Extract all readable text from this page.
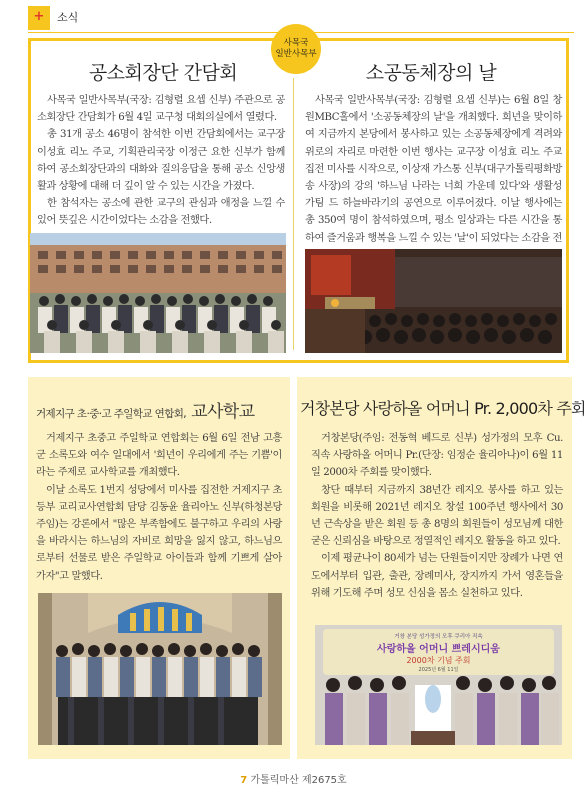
+	소식
사목국
일반사목부
공소회장단 간담회

사목국 일반사목부(국장: 김형렬 요셉 신부) 주관으로 공소회장단 간담회가 6월 4일 교구청 대회의실에서 열렸다.

총 31개 공소 46명이 참석한 이번 간담회에서는 교구장 이성효 리노 주교, 기획관리국장 이정근 요한 신부가 함께하여 공소회장단과의 대화와 질의응답을 통해 공소 신앙생활과 상황에 대해 더 깊이 알 수 있는 시간을 가졌다.

한 참석자는 공소에 관한 교구의 관심과 애정을 느낄 수 있어 뜻깊은 시간이었다는 소감을 전했다.

소공동체장의 날

사목국 일반사목부(국장: 김형렬 요셉 신부)는 6월 8일 창원MBC홀에서 '소공동체장의 날'을 개최했다. 희년을 맞이하여 지금까지 본당에서 봉사하고 있는 소공동체장에게 격려와 위로의 자리로 마련한 이번 행사는 교구장 이성효 리노 주교 집전 미사를 시작으로, 이상재 가스통 신부(대구가톨릭평화방송 사장)의 강의 '하느님 나라는 너희 가운데 있다'와 생활성가팀 드 하늘바라기의 공연으로 이루어졌다. 이날 행사에는 총 350여 명이 참석하였으며, 평소 일상과는 다른 시간을 통하여 즐거움과 행복을 느낄 수 있는 '날'이 되었다는 소감을 전

거제지구 초·중·고 주일학교 연합회, 교사학교

거제지구 초중고 주일학교 연합회는 6월 6일 전남 고흥군 소록도와 여수 일대에서 '희년이 우리에게 주는 기쁨'이라는 주제로 교사학교를 개최했다.

이날 소록도 1번지 성당에서 미사를 집전한 거제지구 초등부 교리교사연합회 담당 김동윤 율리아노 신부(하청본당 주임)는 강론에서 "많은 부족함에도 불구하고 우리의 사랑을 바라시는 하느님의 자비로 희망을 잃지 않고, 하느님으로부터 선물로 받은 주일학교 아이들과 함께 기쁘게 살아가자"고 말했다.

거창본당 사랑하올 어머니 Pr. 2,000차 주회

거창본당(주임: 전동혁 베드로 신부) 성가정의 모후 Cu. 직속 사랑하올 어머니 Pr.(단장: 임정순 율리아나)이 6월 11일 2000차 주회를 맞이했다.

창단 때부터 지금까지 38년간 레지오 봉사를 하고 있는 회원을 비롯해 2021년 레지오 창설 100주년 행사에서 30년 근속상을 받은 회원 등 총 8명의 회원들이 성모님께 대한 굳은 신뢰심을 바탕으로 정열적인 레지오 활동을 하고 있다.

이제 평균나이 80세가 넘는 단원들이지만 장례가 나면 연도에서부터 입관, 출관, 장례미사, 장지까지 가서 영혼들을 위해 기도해 주며 성모 신심을 몸소 실천하고 있다.

거창 본당 성가정의 모후 쿠리아 직속
사랑하올 어머니 쁘레시디움
2000차 기념 주회
2025년 6월 11일
7 가톨릭마산 제2675호
